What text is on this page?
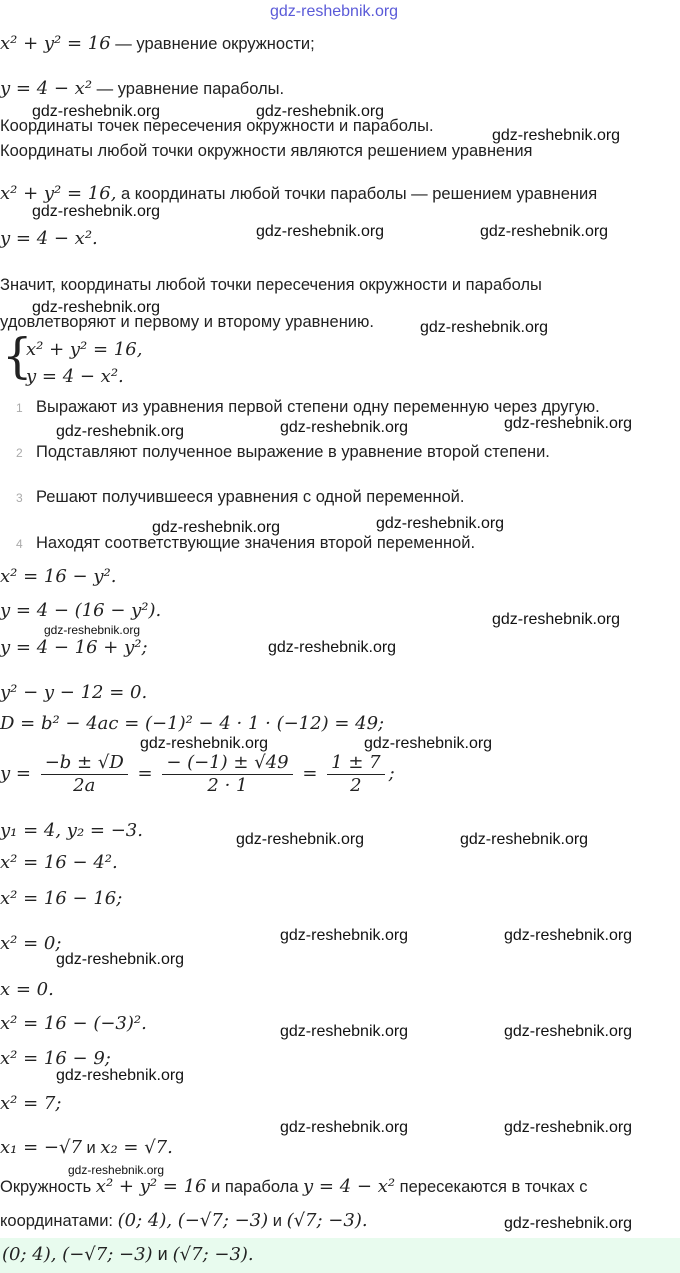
gdz-reshebnik.org
x² + y² = 16 — уравнение окружности;
y = 4 − x² — уравнение параболы.
gdz-reshebnik.org	gdz-reshebnik.org
Координаты точек пересечения окружности и параболы.
gdz-reshebnik.org
Координаты любой точки окружности являются решением уравнения
x² + y² = 16, а координаты любой точки параболы — решением уравнения
gdz-reshebnik.org
y = 4 − x².	gdz-reshebnik.org	gdz-reshebnik.org
Значит, координаты любой точки пересечения окружности и параболы
gdz-reshebnik.org
удовлетворяют и первому и второму уравнению.	gdz-reshebnik.org
{
x² + y² = 16,
y = 4 − x².
1 Выражают из уравнения первой степени одну переменную через другую.
gdz-reshebnik.org	gdz-reshebnik.org	gdz-reshebnik.org
2 Подставляют полученное выражение в уравнение второй степени.
3 Решают получившееся уравнения с одной переменной.
gdz-reshebnik.org	gdz-reshebnik.org
4 Находят соответствующие значения второй переменной.
x² = 16 − y².
y = 4 − (16 − y²).	gdz-reshebnik.org
gdz-reshebnik.org
y = 4 − 16 + y²;	gdz-reshebnik.org
y² − y − 12 = 0.
D = b² − 4ac = (−1)² − 4 · 1 · (−12) = 49;
gdz-reshebnik.org	gdz-reshebnik.org
$y = \frac{-b \pm √D}{2a} = \frac{- (-1) \pm √49}{2 \cdot 1} = \frac{1 \pm 7}{2}$ ;
y₁ = 4, y₂ = −3.	gdz-reshebnik.org	gdz-reshebnik.org
x² = 16 − 4².
x² = 16 − 16;
x² = 0;	gdz-reshebnik.org	gdz-reshebnik.org
gdz-reshebnik.org
x = 0.
x² = 16 − (−3)².	gdz-reshebnik.org	gdz-reshebnik.org
x² = 16 − 9;
gdz-reshebnik.org
x² = 7;
gdz-reshebnik.org	gdz-reshebnik.org
x₁ = −√7 и x₂ = √7.
gdz-reshebnik.org
Окружность x² + y² = 16 и парабола y = 4 − x² пересекаются в точках с
координатами: (0; 4), (−√7; −3) и (√7; −3).	gdz-reshebnik.org
(0; 4), (−√7; −3) и (√7; −3).
